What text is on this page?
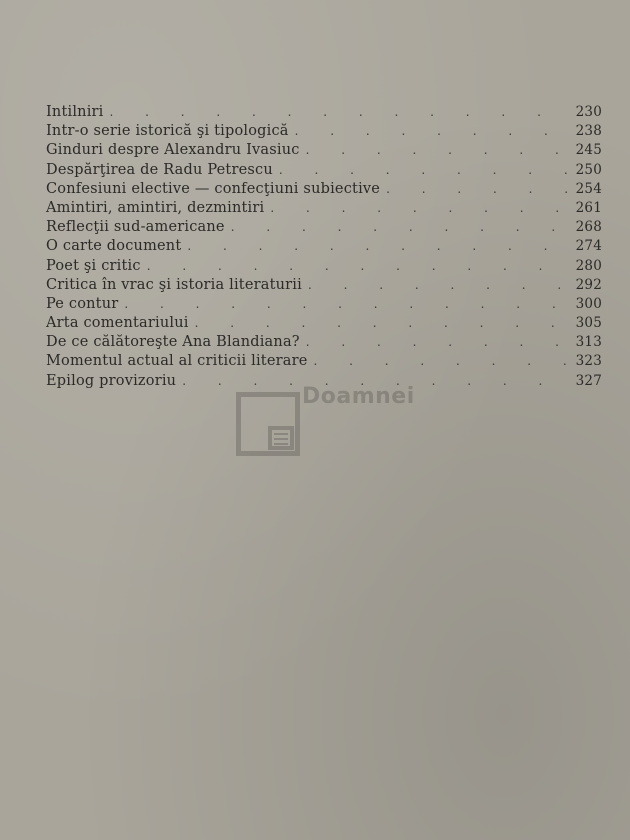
Intilniri . . .	230
Intr-o serie istorică şi tipologică . . .	238
Ginduri despre Alexandru Ivasiuc . . .	245
Despărţirea de Radu Petrescu . . .	250
Confesiuni elective — confecţiuni subiective . . .	254
Amintiri, amintiri, dezmintiri . . .	261
Reflecţii sud-americane . . .	268
O carte document . . .	274
Poet şi critic . . .	280
Critica în vrac şi istoria literaturii . . .	292
Pe contur . . .	300
Arta comentariului . . .	305
De ce călătoreşte Ana Blandiana? . . .	313
Momentul actual al criticii literare . . .	323
Epilog provizoriu . . .	327
Doamnei
